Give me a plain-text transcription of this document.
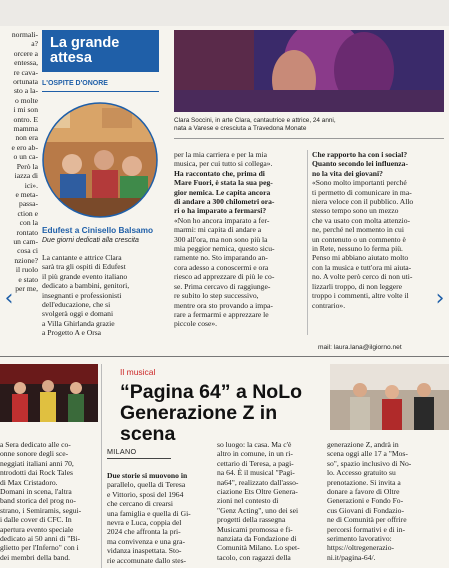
normali-

a?

orcere a

entessa,

re cava-

ortunata

sto a la-

o molte

i mi son

ontro. E

mamma

non era

e ero ab-

o un ca-

Però la

iazza di

ici».

e meta-

passa-

ction e

con la

rontato

un cam-

cosa ci

nzione?

il ruolo

e stato

per me,

La grande
attesa
L'OSPITE D'ONORE
Edufest a Cinisello Balsamo
Due giorni dedicati alla crescita

La cantante e attrice Clara

sarà tra gli ospiti di Edufest

il più grande evento italiano

dedicato a bambini, genitori,

insegnanti e professionisti

dell'educazione, che si

svolgerà oggi e domani

a Villa Ghirlanda grazie

a Progetto A e Orsa

Clara Soccini, in arte Clara, cantautrice e attrice, 24 anni,
nata a Varese e cresciuta a Travedona Monate

per la mia carriera e per la mia

musica, per cui tutto si collega».

Ha raccontato che, prima di

Mare Fuori, è stata la sua peg-

gior nemica. Le capita ancora

di andare a 300 chilometri ora-

ri o ha imparato a fermarsi?

«Non ho ancora imparato a fer-

marmi: mi capita di andare a

300 all'ora, ma non sono più la

mia peggior nemica, questo sicu-

ramente no. Sto imparando an-

cora adesso a conoscermi e ora

riesco ad apprezzare di più le co-

se. Prima cercavo di raggiunge-

re subito lo step successivo,

mentre ora sto provando a impa-

rare a fermarmi e apprezzare le

piccole cose».

Che rapporto ha con i social?

Quanto secondo lei influenza-

no la vita dei giovani?

«Sono molto importanti perché

ti permetto di comunicare in ma-

niera veloce con il pubblico. Allo

stesso tempo sono un mezzo

che va usato con molta attenzio-

ne, perché nel momento in cui

un contenuto o un commento è

in Rete, nessuno lo ferma più.

Penso mi abbiano aiutato molto

con la musica e tutt'ora mi aiuta-

no. A volte però cerco di non uti-

lizzarli troppo, di non leggere

troppo i commenti, altre volte il

contrario».

mail: laura.lana@ilgiorno.net
‹	›
Il musical
“Pagina 64” a NoLo
Generazione Z in scena

a Sera dedicato alle co-

onne sonore degli sce-

neggiati italiani anni 70,

ntrodotti dai Rock Tales

di Max Cristadoro.

Domani in scena, l'altra

band storica del prog no-

strano, i Semiramis, segui-

i dalle cover di CFC. In

apertura evento speciale

dedicato ai 50 anni di "Bi-

glietto per l'Inferno" con i

dei membri della band.

MILANO

Due storie si muovono in

parallelo, quella di Teresa

e Vittorio, sposi del 1964

che cercano di crearsi

una famiglia e quella di Gi-

nevra e Luca, coppia del

2024 che affronta la pri-

ma convivenza e una gra-

vidanza inaspettata. Sto-

rie accomunate dallo stes-

so luogo: la casa. Ma c'è

altro in comune, in un ri-

cettario di Teresa, a pagi-

na 64. È il musical "Pagi-

na64", realizzato dall'asso-

ciazione Ets Oltre Genera-

zioni nel contesto di

"Genz Acting", uno dei sei

progetti della rassegna

Musicami promossa e fi-

nanziata da Fondazione di

Comunità Milano. Lo spet-

tacolo, con ragazzi della

generazione Z, andrà in

scena oggi alle 17 a "Mos-

so", spazio inclusivo di No-

lo. Accesso gratuito su

prenotazione. Si invita a

donare a favore di Oltre

Generazioni e Fondo Fo-

cus Giovani di Fondazio-

ne di Comunità per offrire

percorsi formativi e di in-

serimento lavorativo:

https://oltregenerazio-

ni.it/pagina-64/.
